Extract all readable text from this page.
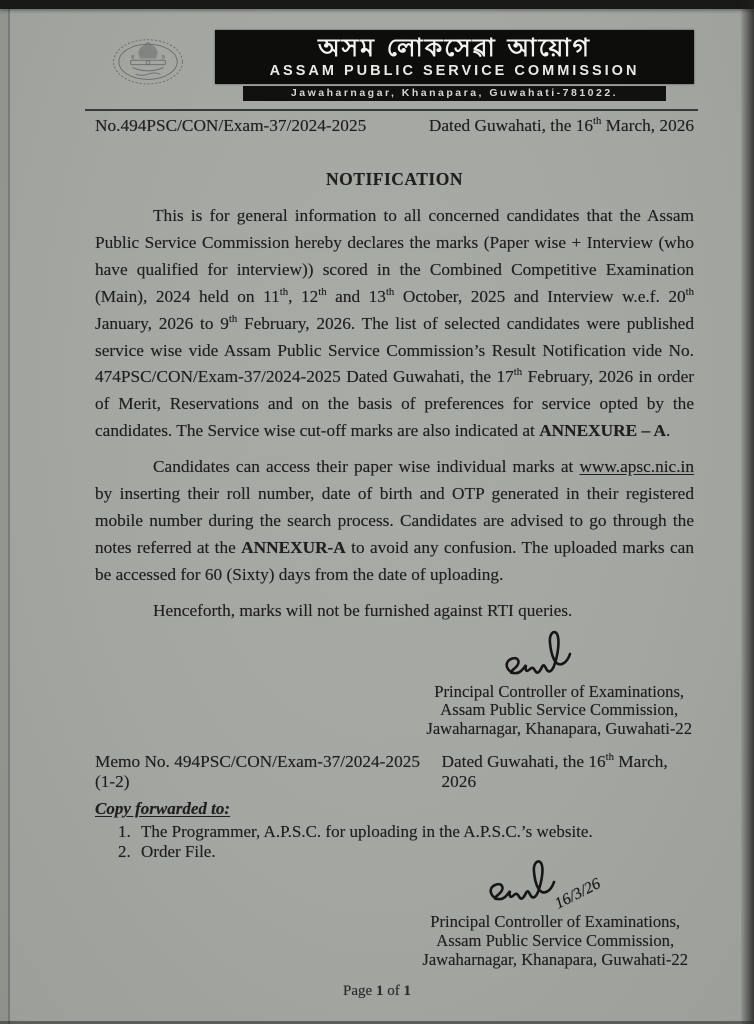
অসম লোকসেৱা আয়োগ
ASSAM PUBLIC SERVICE COMMISSION
Jawaharnagar, Khanapara, Guwahati-781022.
No.494PSC/CON/Exam-37/2024-2025	Dated Guwahati, the 16th March, 2026
NOTIFICATION

This is for general information to all concerned candidates that the Assam Public Service Commission hereby declares the marks (Paper wise + Interview (who have qualified for interview)) scored in the Combined Competitive Examination (Main), 2024 held on 11th, 12th and 13th October, 2025 and Interview w.e.f. 20th January, 2026 to 9th February, 2026. The list of selected candidates were published service wise vide Assam Public Service Commission’s Result Notification vide No. 474PSC/CON/Exam-37/2024-2025 Dated Guwahati, the 17th February, 2026 in order of Merit, Reservations and on the basis of preferences for service opted by the candidates. The Service wise cut-off marks are also indicated at ANNEXURE – A.

Candidates can access their paper wise individual marks at www.apsc.nic.in by inserting their roll number, date of birth and OTP generated in their registered mobile number during the search process. Candidates are advised to go through the notes referred at the ANNEXUR-A to avoid any confusion. The uploaded marks can be accessed for 60 (Sixty) days from the date of uploading.

Henceforth, marks will not be furnished against RTI queries.

Principal Controller of Examinations,
Assam Public Service Commission,
Jawaharnagar, Khanapara, Guwahati-22
Memo No. 494PSC/CON/Exam-37/2024-2025 (1-2)
Dated Guwahati, the 16th March, 2026
Copy forwarded to:
1. The Programmer, A.P.S.C. for uploading in the A.P.S.C.’s website.
2. Order File.
16/3/26
Principal Controller of Examinations,
Assam Public Service Commission,
Jawaharnagar, Khanapara, Guwahati-22
Page 1 of 1
